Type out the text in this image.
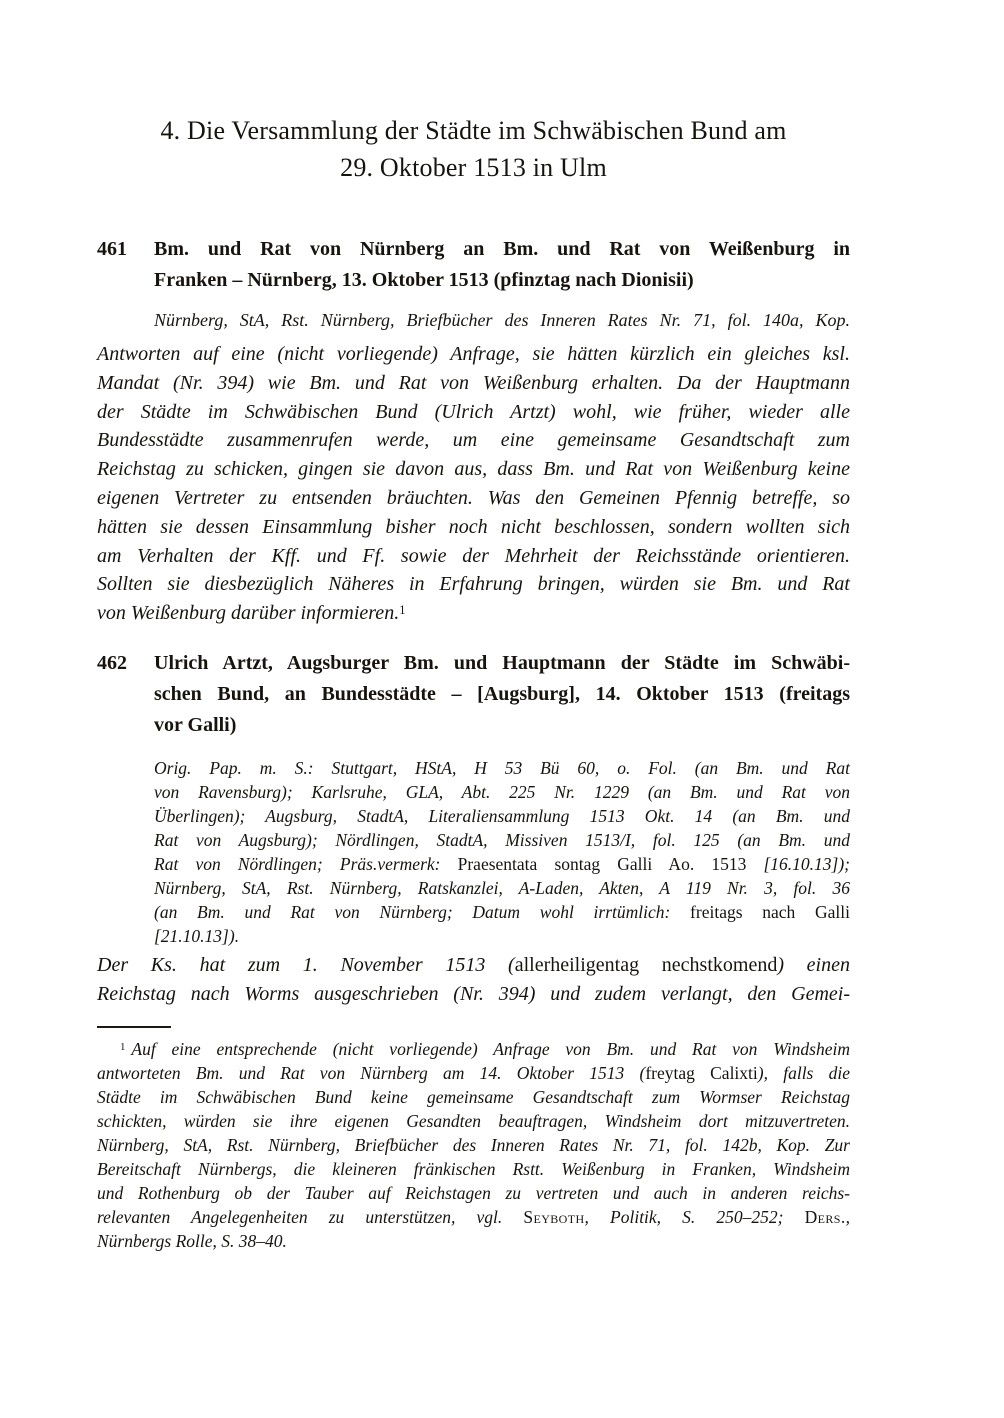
4. Die Versammlung der Städte im Schwäbischen Bund am
29. Oktober 1513 in Ulm
461 Bm. und Rat von Nürnberg an Bm. und Rat von Weißenburg in
Franken – Nürnberg, 13. Oktober 1513 (pfinztag nach Dionisii)
Nürnberg, StA, Rst. Nürnberg, Briefbücher des Inneren Rates Nr. 71, fol. 140a, Kop.
Antworten auf eine (nicht vorliegende) Anfrage, sie hätten kürzlich ein gleiches ksl.
Mandat (Nr. 394) wie Bm. und Rat von Weißenburg erhalten. Da der Hauptmann
der Städte im Schwäbischen Bund (Ulrich Artzt) wohl, wie früher, wieder alle
Bundesstädte zusammenrufen werde, um eine gemeinsame Gesandtschaft zum
Reichstag zu schicken, gingen sie davon aus, dass Bm. und Rat von Weißenburg keine
eigenen Vertreter zu entsenden bräuchten. Was den Gemeinen Pfennig betreffe, so
hätten sie dessen Einsammlung bisher noch nicht beschlossen, sondern wollten sich
am Verhalten der Kff. und Ff. sowie der Mehrheit der Reichsstände orientieren.
Sollten sie diesbezüglich Näheres in Erfahrung bringen, würden sie Bm. und Rat
von Weißenburg darüber informieren.$^1$
462 Ulrich Artzt, Augsburger Bm. und Hauptmann der Städte im Schwäbi-
schen Bund, an Bundesstädte – [Augsburg], 14. Oktober 1513 (freitags
vor Galli)
Orig. Pap. m. S.: Stuttgart, HStA, H 53 Bü 60, o. Fol. (an Bm. und Rat
von Ravensburg); Karlsruhe, GLA, Abt. 225 Nr. 1229 (an Bm. und Rat von
Überlingen); Augsburg, StadtA, Literaliensammlung 1513 Okt. 14 (an Bm. und
Rat von Augsburg); Nördlingen, StadtA, Missiven 1513/I, fol. 125 (an Bm. und
Rat von Nördlingen; Präs.vermerk: Praesentata sontag Galli Ao. 1513 [16.10.13]);
Nürnberg, StA, Rst. Nürnberg, Ratskanzlei, A-Laden, Akten, A 119 Nr. 3, fol. 36
(an Bm. und Rat von Nürnberg; Datum wohl irrtümlich: freitags nach Galli
[21.10.13]).
Der Ks. hat zum 1. November 1513 (allerheiligentag nechstkomend) einen
Reichstag nach Worms ausgeschrieben (Nr. 394) und zudem verlangt, den Gemei-
$^1$ Auf eine entsprechende (nicht vorliegende) Anfrage von Bm. und Rat von Windsheim
antworteten Bm. und Rat von Nürnberg am 14. Oktober 1513 (freytag Calixti), falls die
Städte im Schwäbischen Bund keine gemeinsame Gesandtschaft zum Wormser Reichstag
schickten, würden sie ihre eigenen Gesandten beauftragen, Windsheim dort mitzuvertreten.
Nürnberg, StA, Rst. Nürnberg, Briefbücher des Inneren Rates Nr. 71, fol. 142b, Kop. Zur
Bereitschaft Nürnbergs, die kleineren fränkischen Rstt. Weißenburg in Franken, Windsheim
und Rothenburg ob der Tauber auf Reichstagen zu vertreten und auch in anderen reichs-
relevanten Angelegenheiten zu unterstützen, vgl. Seyboth, Politik, S. 250–252; Ders.,
Nürnbergs Rolle, S. 38–40.
